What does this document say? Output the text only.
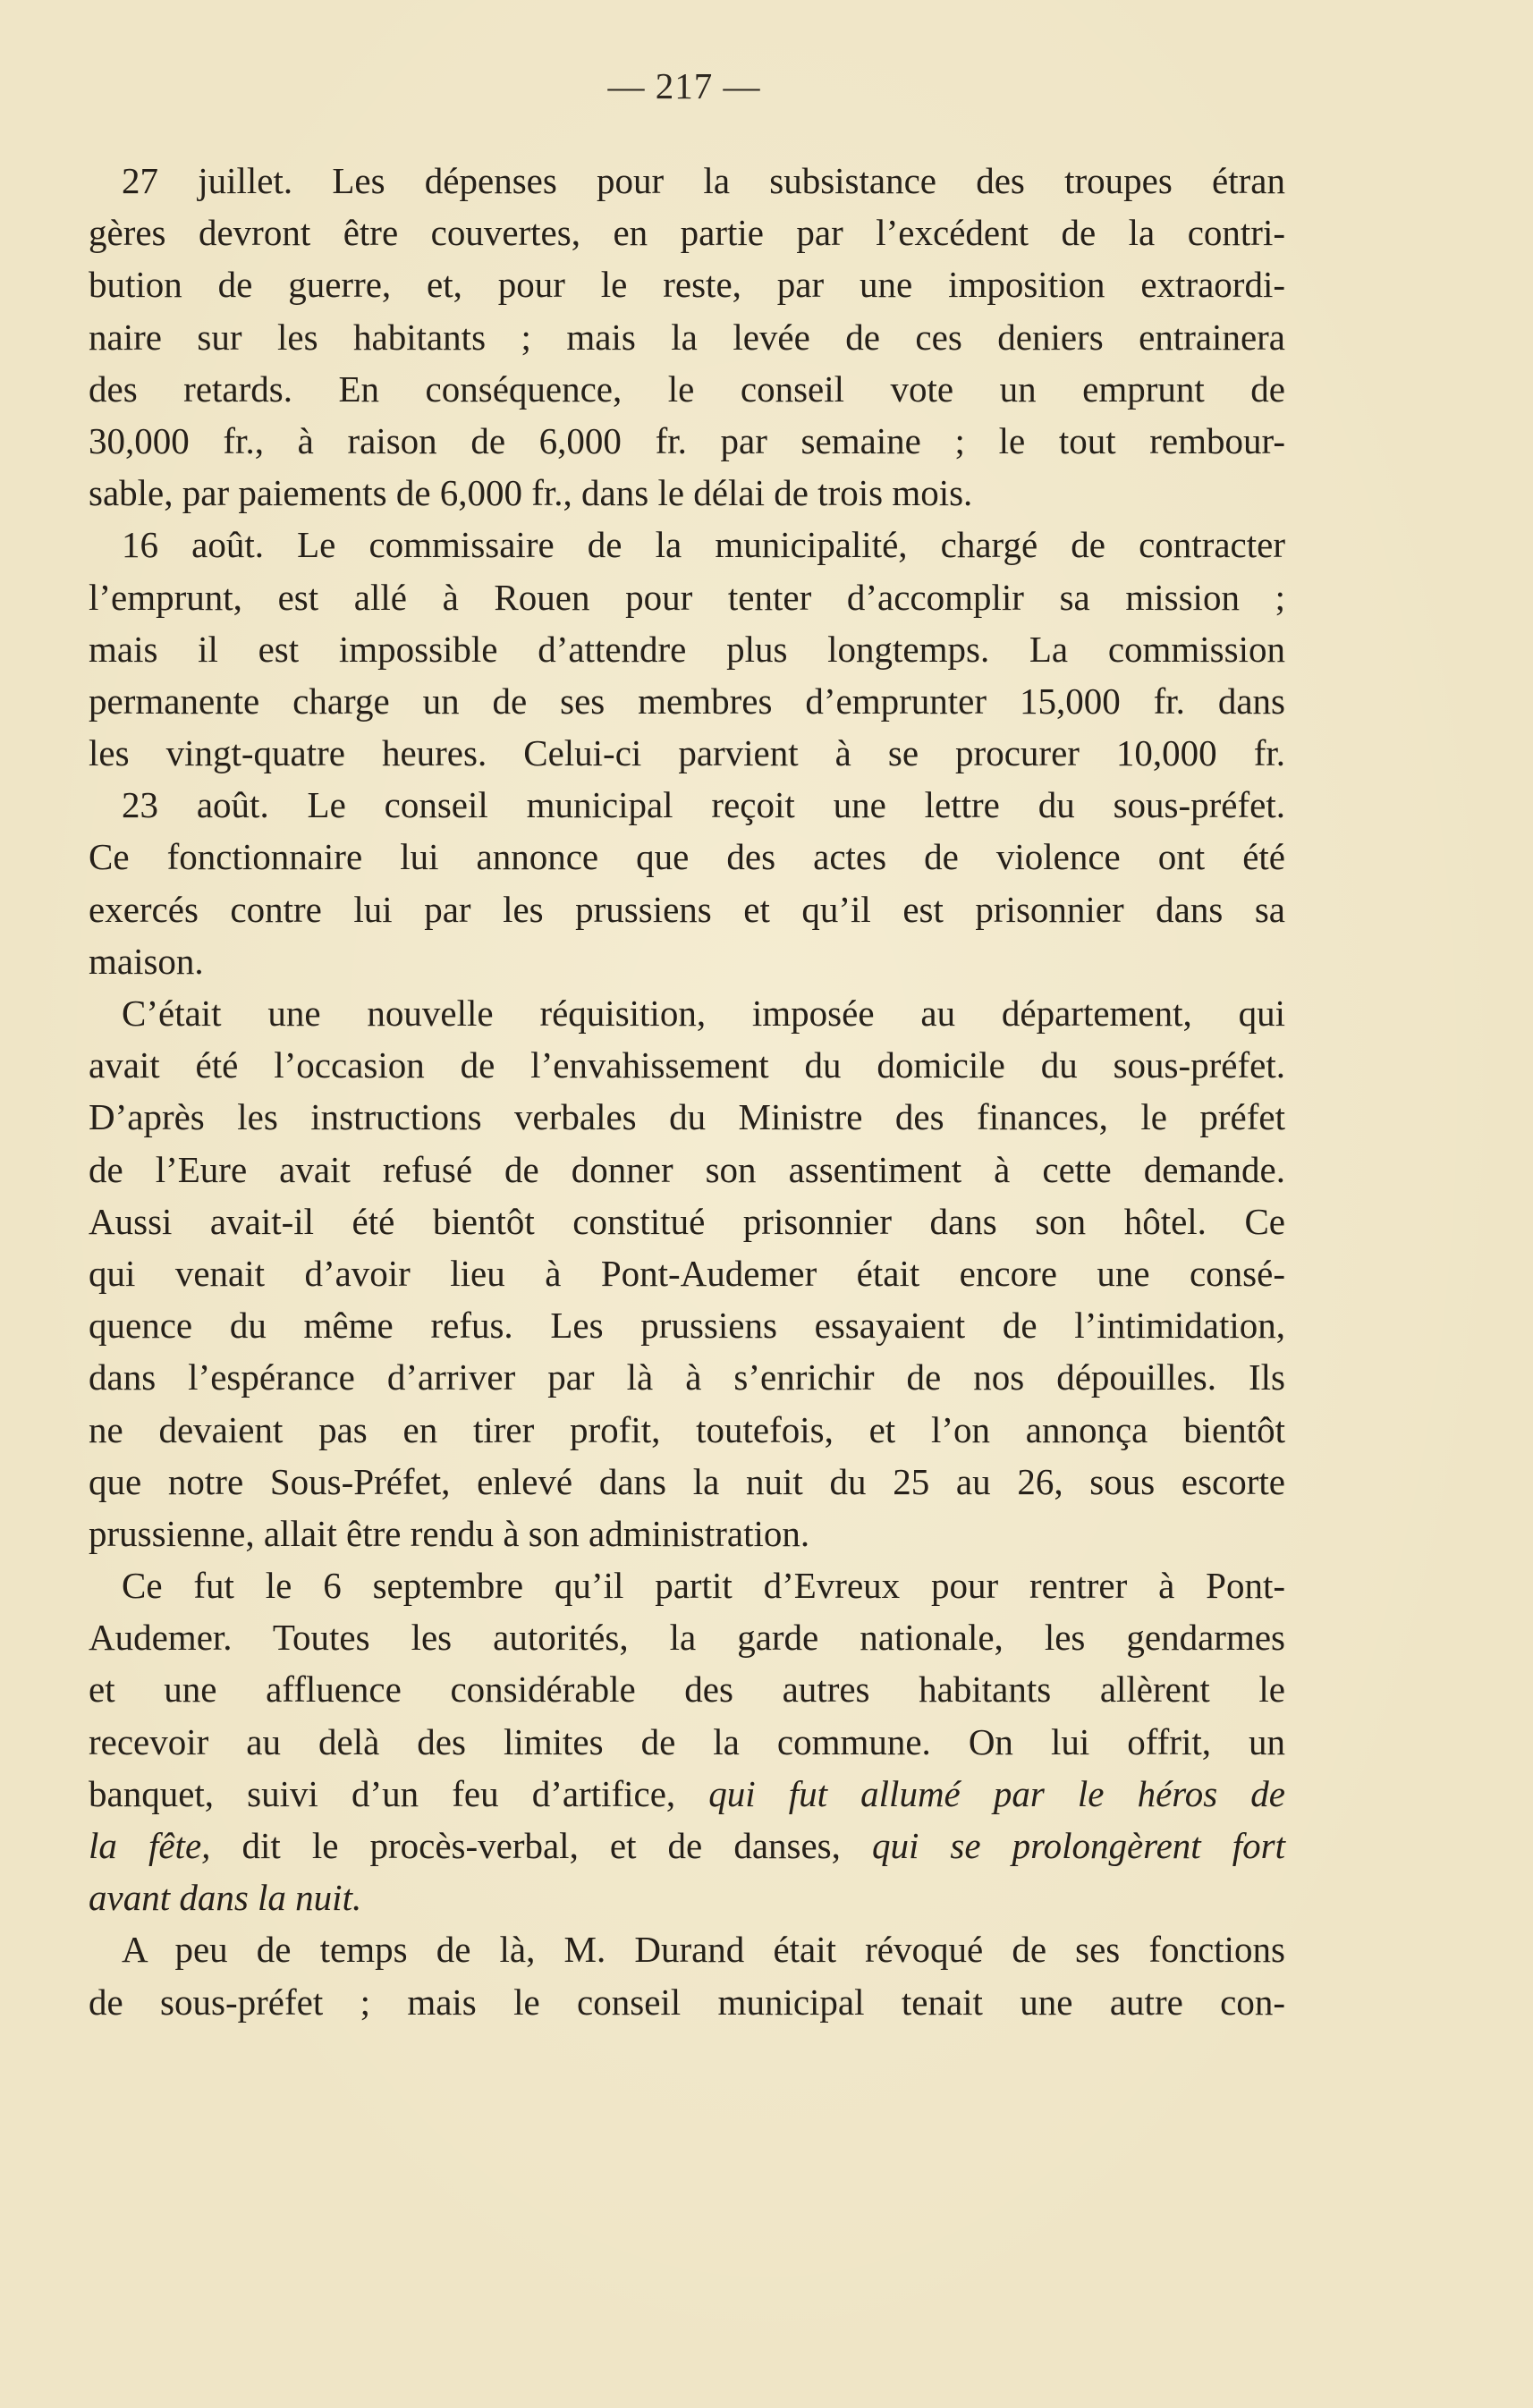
— 217 —
27 juillet. Les dépenses pour la subsistance des troupes étran
gères devront être couvertes, en partie par l’excédent de la contri-
bution de guerre, et, pour le reste, par une imposition extraordi-
naire sur les habitants ; mais la levée de ces deniers entrainera
des retards. En conséquence, le conseil vote un emprunt de
30,000 fr., à raison de 6,000 fr. par semaine ; le tout rembour-
sable, par paiements de 6,000 fr., dans le délai de trois mois.
16 août. Le commissaire de la municipalité, chargé de contracter
l’emprunt, est allé à Rouen pour tenter d’accomplir sa mission ;
mais il est impossible d’attendre plus longtemps. La commission
permanente charge un de ses membres d’emprunter 15,000 fr. dans
les vingt-quatre heures. Celui-ci parvient à se procurer 10,000 fr.
23 août. Le conseil municipal reçoit une lettre du sous-préfet.
Ce fonctionnaire lui annonce que des actes de violence ont été
exercés contre lui par les prussiens et qu’il est prisonnier dans sa
maison.
C’était une nouvelle réquisition, imposée au département, qui
avait été l’occasion de l’envahissement du domicile du sous-préfet.
D’après les instructions verbales du Ministre des finances, le préfet
de l’Eure avait refusé de donner son assentiment à cette demande.
Aussi avait-il été bientôt constitué prisonnier dans son hôtel. Ce
qui venait d’avoir lieu à Pont-Audemer était encore une consé-
quence du même refus. Les prussiens essayaient de l’intimidation,
dans l’espérance d’arriver par là à s’enrichir de nos dépouilles. Ils
ne devaient pas en tirer profit, toutefois, et l’on annonça bientôt
que notre Sous-Préfet, enlevé dans la nuit du 25 au 26, sous escorte
prussienne, allait être rendu à son administration.
Ce fut le 6 septembre qu’il partit d’Evreux pour rentrer à Pont-
Audemer. Toutes les autorités, la garde nationale, les gendarmes
et une affluence considérable des autres habitants allèrent le
recevoir au delà des limites de la commune. On lui offrit, un
banquet, suivi d’un feu d’artifice, qui fut allumé par le héros de
la fête, dit le procès-verbal, et de danses, qui se prolongèrent fort
avant dans la nuit.
A peu de temps de là, M. Durand était révoqué de ses fonctions
de sous-préfet ; mais le conseil municipal tenait une autre con-
